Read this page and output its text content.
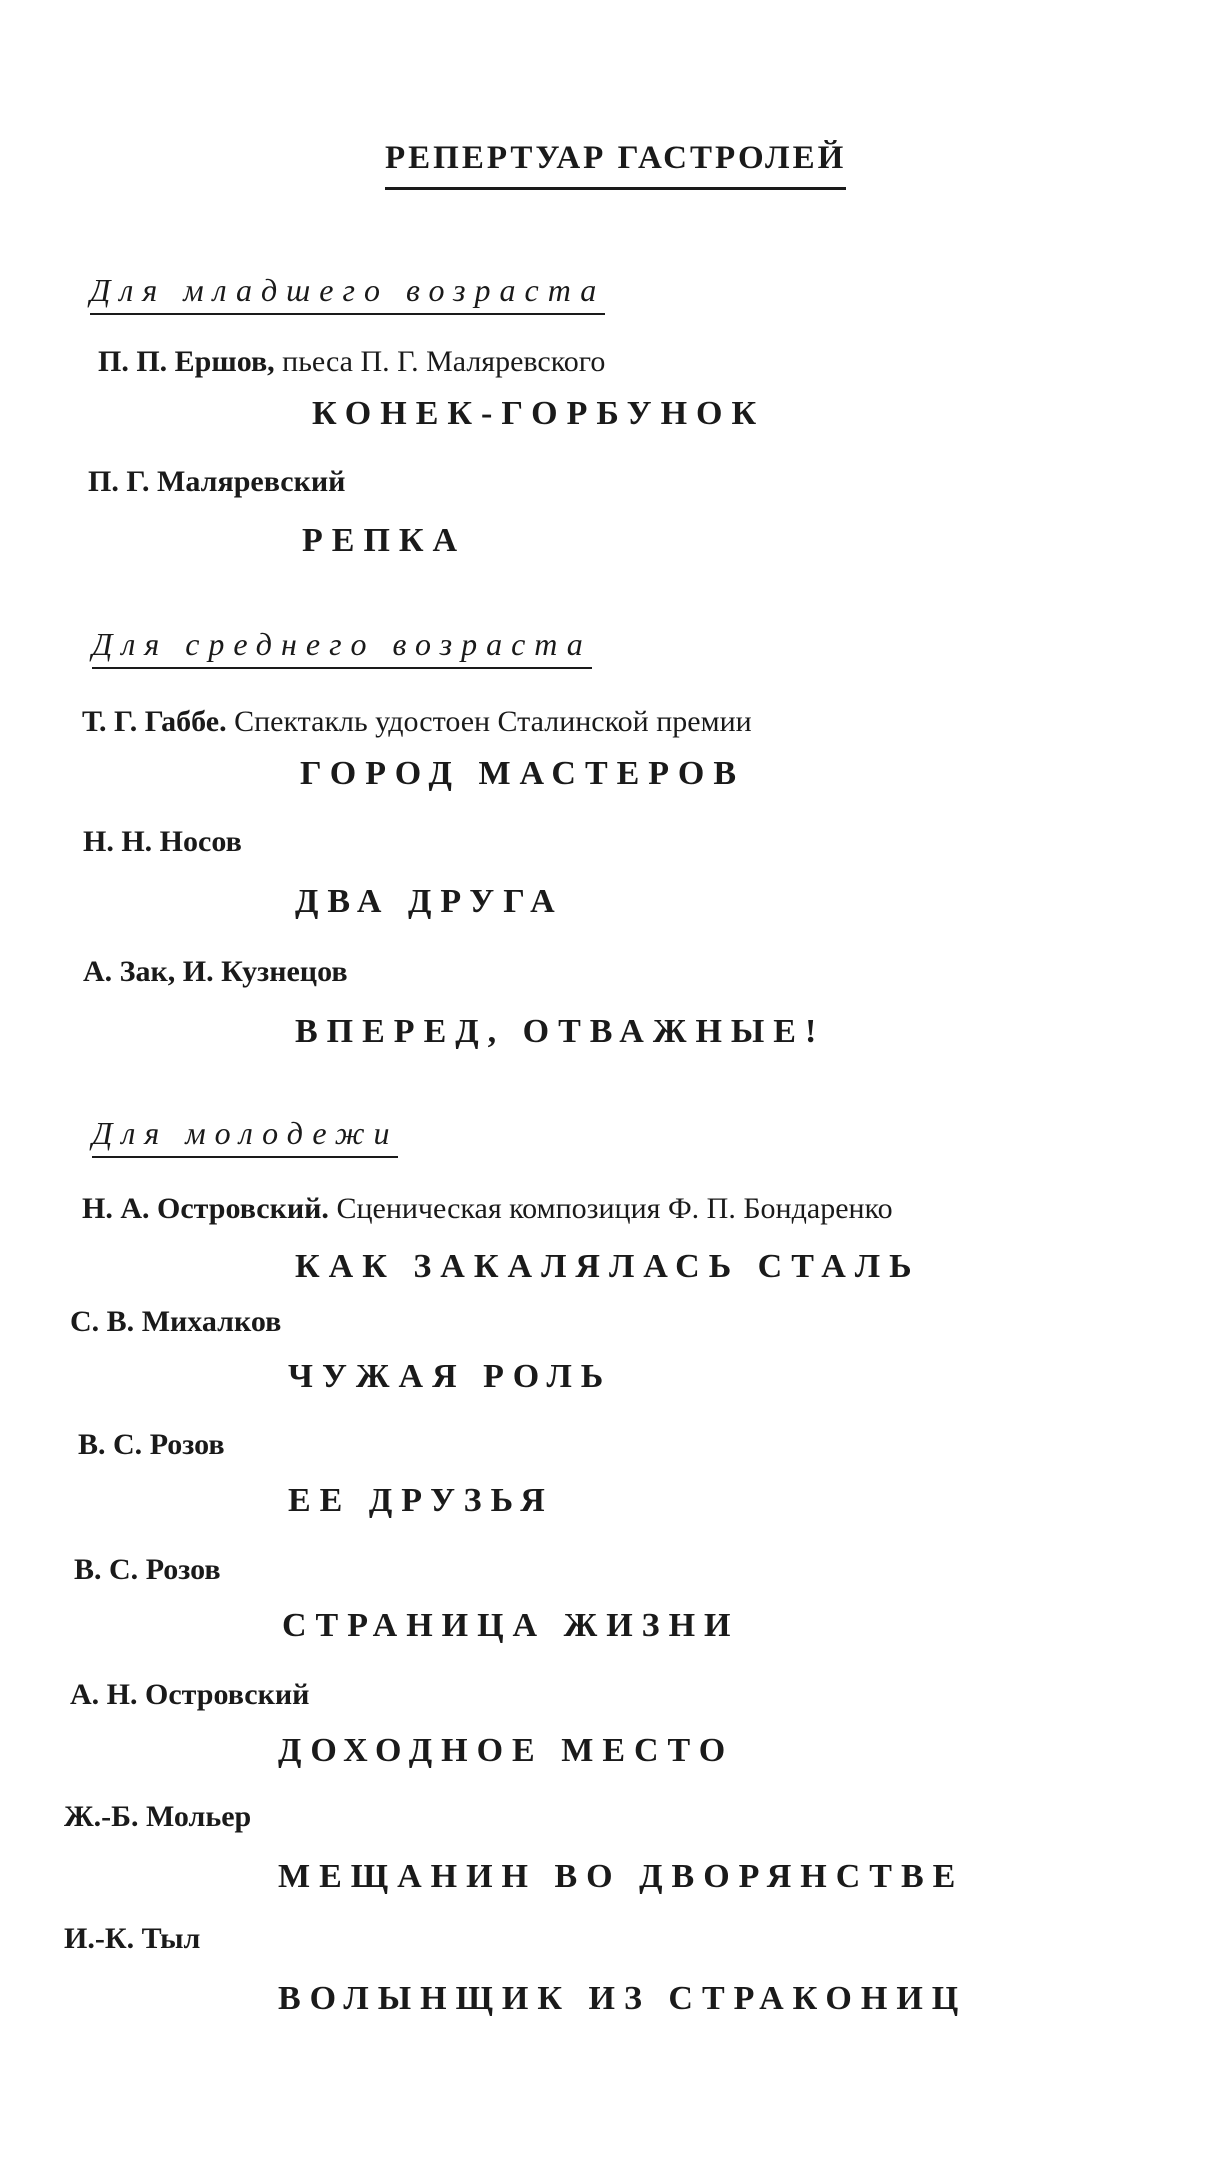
РЕПЕРТУАР ГАСТРОЛЕЙ
Для младшего возраста
П. П. Ершов, пьеса П. Г. Маляревского
КОНЕК-ГОРБУНОК
П. Г. Маляревский
РЕПКА
Для среднего возраста
Т. Г. Габбе. Спектакль удостоен Сталинской премии
ГОРОД МАСТЕРОВ
Н. Н. Носов
ДВА ДРУГА
А. Зак, И. Кузнецов
ВПЕРЕД, ОТВАЖНЫЕ!
Для молодежи
Н. А. Островский. Сценическая композиция Ф. П. Бондаренко
КАК ЗАКАЛЯЛАСЬ СТАЛЬ
С. В. Михалков
ЧУЖАЯ РОЛЬ
В. С. Розов
ЕЕ ДРУЗЬЯ
В. С. Розов
СТРАНИЦА ЖИЗНИ
А. Н. Островский
ДОХОДНОЕ МЕСТО
Ж.-Б. Мольер
МЕЩАНИН ВО ДВОРЯНСТВЕ
И.-К. Тыл
ВОЛЫНЩИК ИЗ СТРАКОНИЦ
